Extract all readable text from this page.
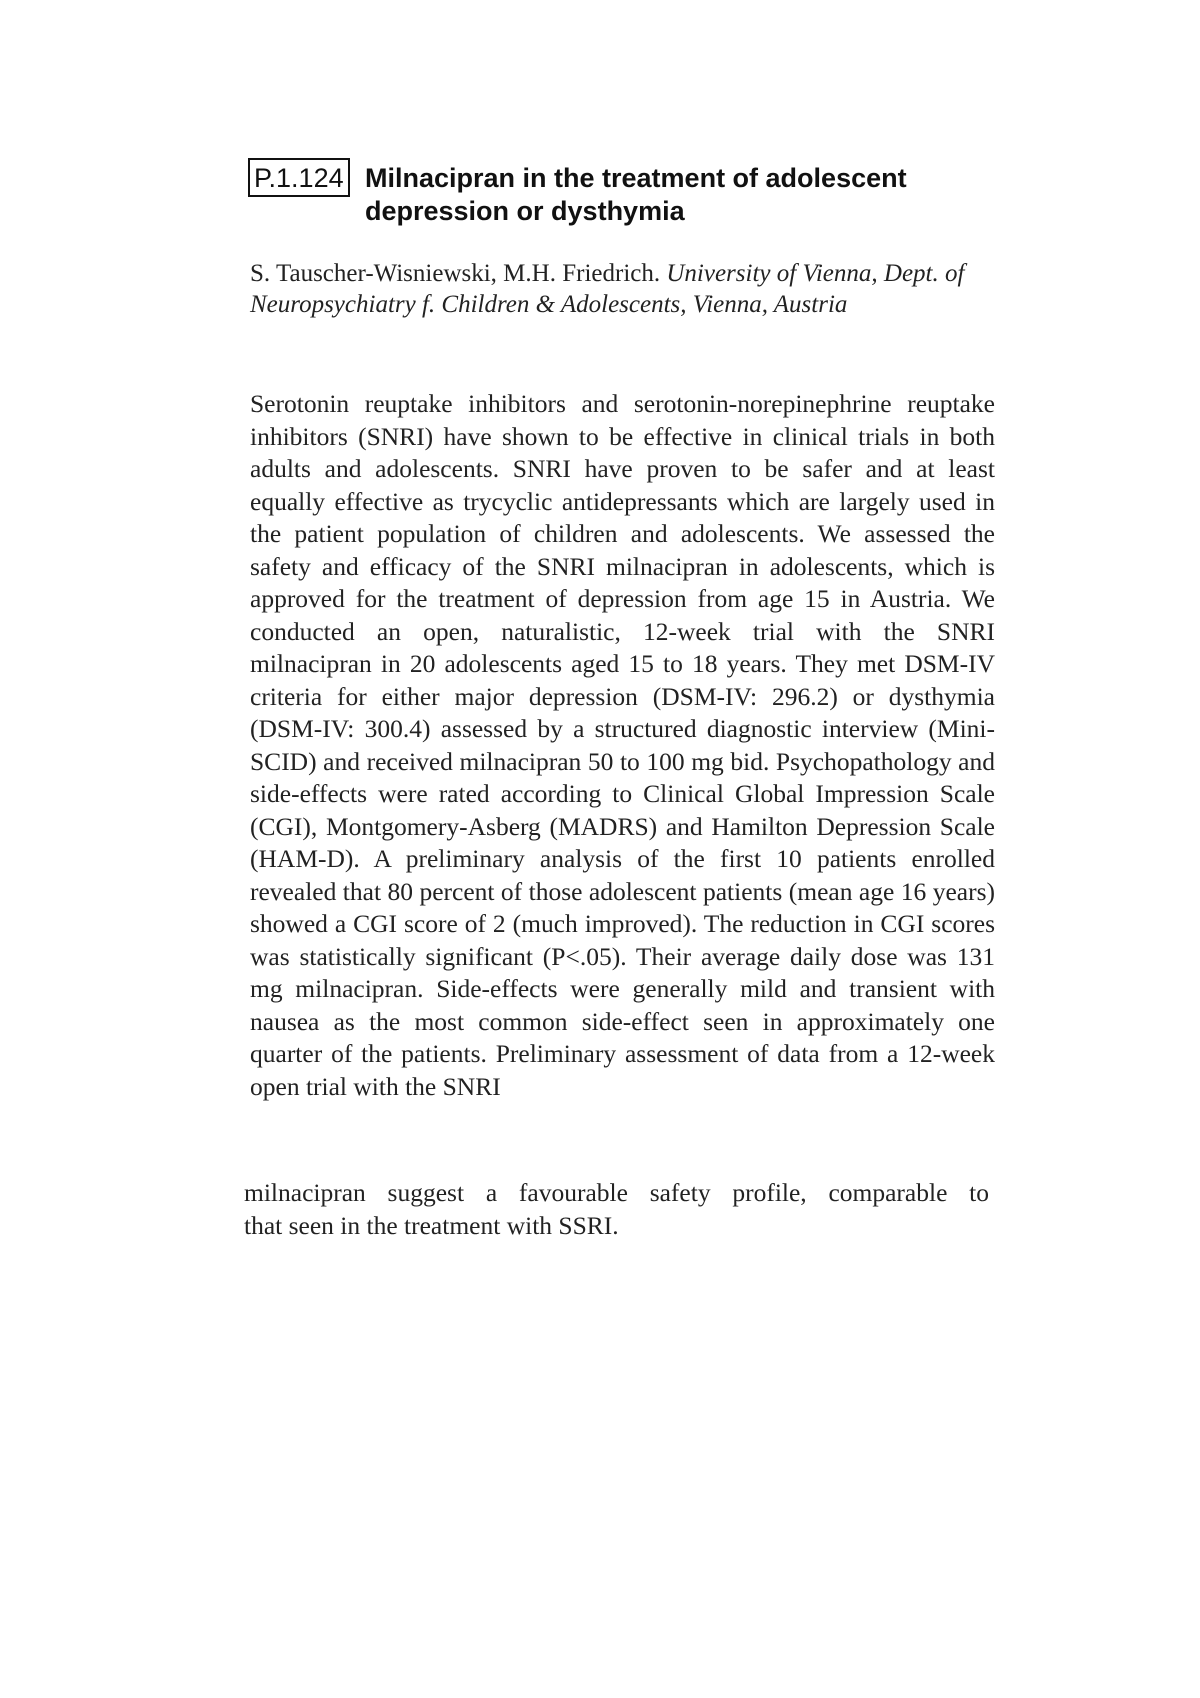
P.1.124 Milnacipran in the treatment of adolescent depression or dysthymia
S. Tauscher-Wisniewski, M.H. Friedrich. University of Vienna, Dept. of Neuropsychiatry f. Children & Adolescents, Vienna, Austria
Serotonin reuptake inhibitors and serotonin-norepinephrine reuptake inhibitors (SNRI) have shown to be effective in clinical trials in both adults and adolescents. SNRI have proven to be safer and at least equally effective as trycyclic antidepressants which are largely used in the patient population of children and adolescents. We assessed the safety and efficacy of the SNRI milnacipran in adolescents, which is approved for the treatment of depression from age 15 in Austria. We conducted an open, naturalistic, 12-week trial with the SNRI milnacipran in 20 adolescents aged 15 to 18 years. They met DSM-IV criteria for either major depression (DSM-IV: 296.2) or dysthymia (DSM-IV: 300.4) assessed by a structured diagnostic interview (Mini-SCID) and received milnacipran 50 to 100 mg bid. Psychopathology and side-effects were rated according to Clinical Global Impression Scale (CGI), Montgomery-Asberg (MADRS) and Hamilton Depression Scale (HAM-D). A preliminary analysis of the first 10 patients enrolled revealed that 80 percent of those adolescent patients (mean age 16 years) showed a CGI score of 2 (much improved). The reduction in CGI scores was statistically significant (P<.05). Their average daily dose was 131 mg milnacipran. Side-effects were generally mild and transient with nausea as the most common side-effect seen in approximately one quarter of the patients. Preliminary assessment of data from a 12-week open trial with the SNRI
milnacipran suggest a favourable safety profile, comparable to
that seen in the treatment with SSRI.
